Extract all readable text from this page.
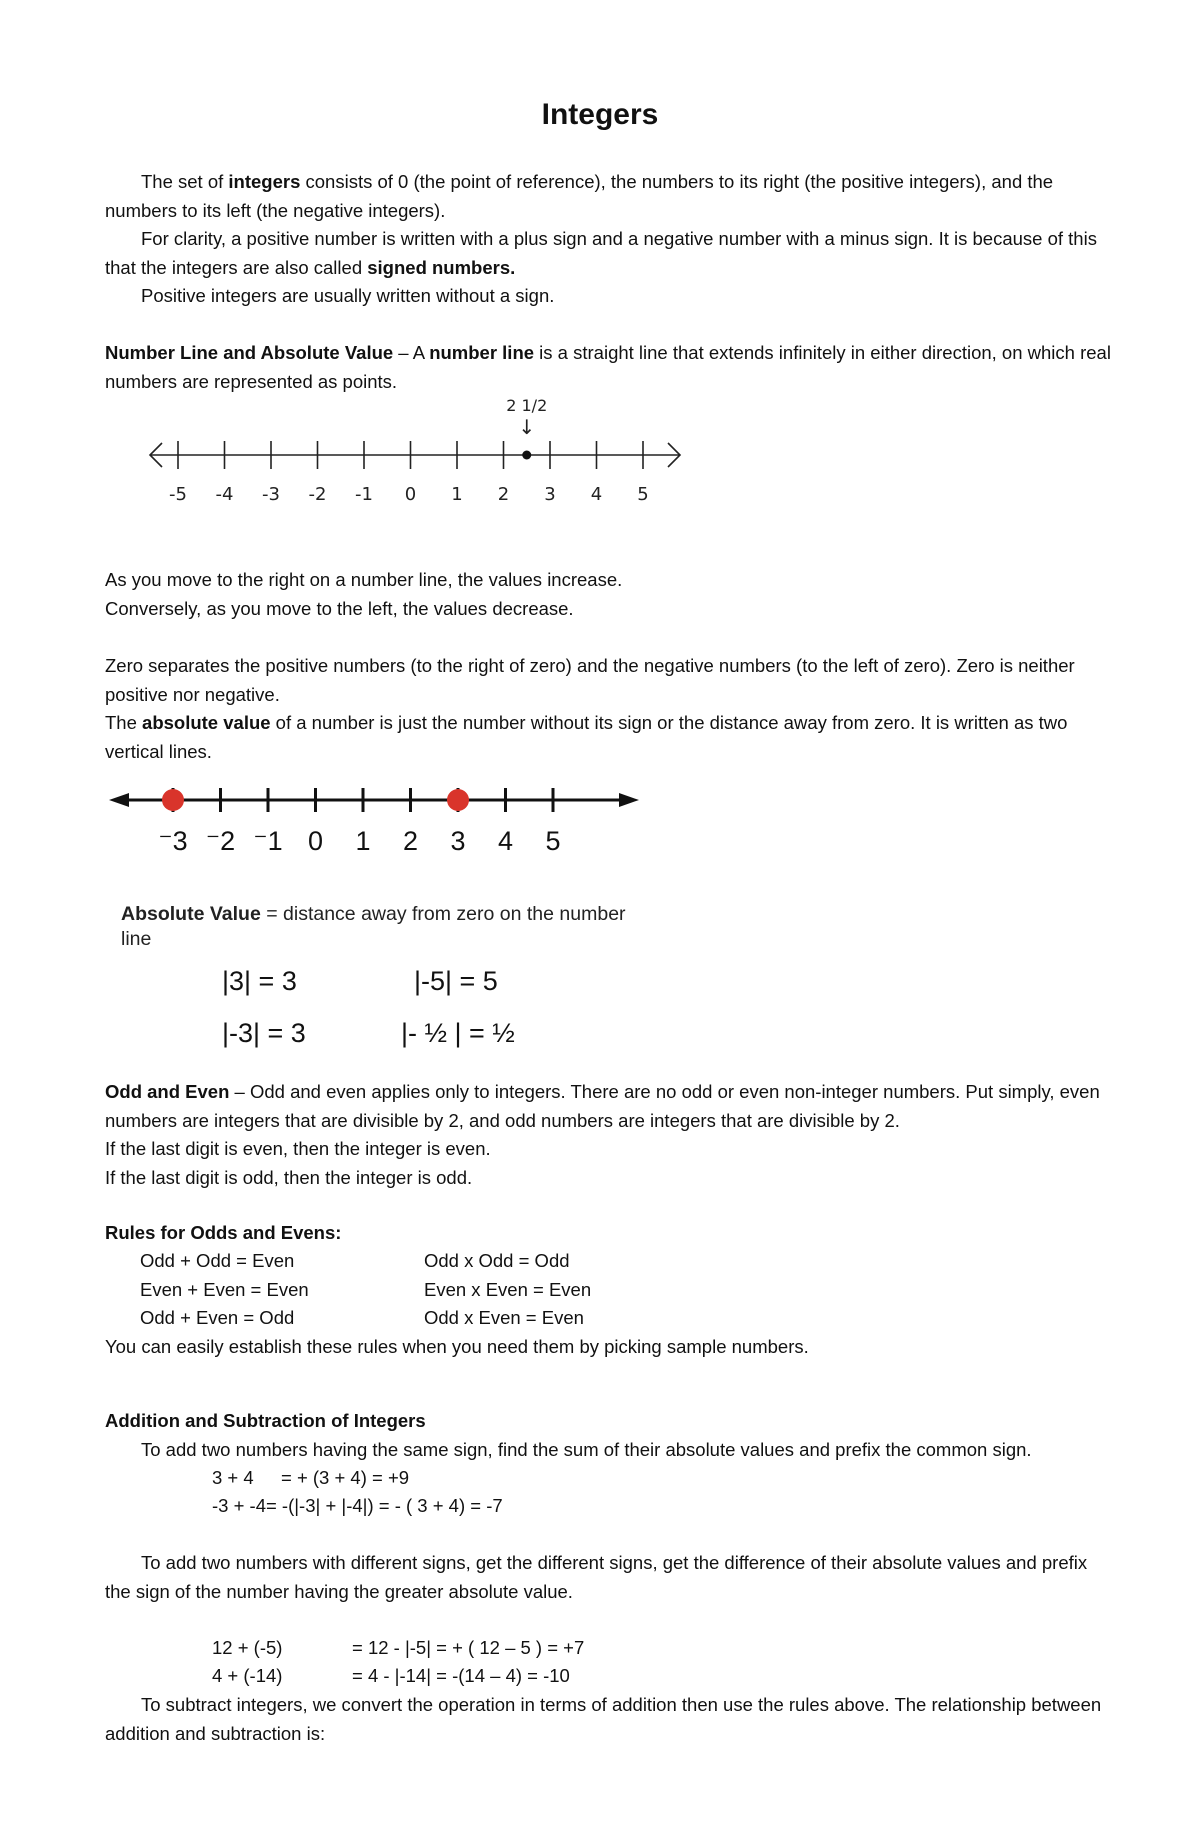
Integers

The set of integers consists of 0 (the point of reference), the numbers to its right (the positive integers), and the numbers to its left (the negative integers).

For clarity, a positive number is written with a plus sign and a negative number with a minus sign. It is because of this that the integers are also called signed numbers.

Positive integers are usually written without a sign.

Number Line and Absolute Value – A number line is a straight line that extends infinitely in either direction, on which real numbers are represented as points.

2 1/2
↓
-5 -4 -3 -2 -1 0 1 2 3 4 5

As you move to the right on a number line, the values increase.

Conversely, as you move to the left, the values decrease.

Zero separates the positive numbers (to the right of zero) and the negative numbers (to the left of zero). Zero is neither positive nor negative.

The absolute value of a number is just the number without its sign or the distance away from zero. It is written as two vertical lines.

⁻3 ⁻2 ⁻1 0 1 2 3 4 5
Absolute Value = distance away from zero on the number line
|3| = 3	|-5| = 5
|-3| = 3	|- ½ | = ½

Odd and Even – Odd and even applies only to integers. There are no odd or even non-integer numbers. Put simply, even numbers are integers that are divisible by 2, and odd numbers are integers that are divisible by 2.

If the last digit is even, then the integer is even.

If the last digit is odd, then the integer is odd.

Rules for Odds and Evens:

Odd + Odd = Even	Odd x Odd = Odd
Even + Even = Even	Even x Even = Even
Odd + Even = Odd	Odd x Even = Even

You can easily establish these rules when you need them by picking sample numbers.

Addition and Subtraction of Integers

To add two numbers having the same sign, find the sum of their absolute values and prefix the common sign.

3 + 4 = + (3 + 4) = +9
-3 + -4= -(|-3| + |-4|) = - ( 3 + 4) = -7

To add two numbers with different signs, get the different signs, get the difference of their absolute values and prefix the sign of the number having the greater absolute value.

12 + (-5)	= 12 - |-5| = + ( 12 – 5 ) = +7
4 + (-14)	= 4 - |-14| = -(14 – 4) = -10

To subtract integers, we convert the operation in terms of addition then use the rules above. The relationship between addition and subtraction is:
